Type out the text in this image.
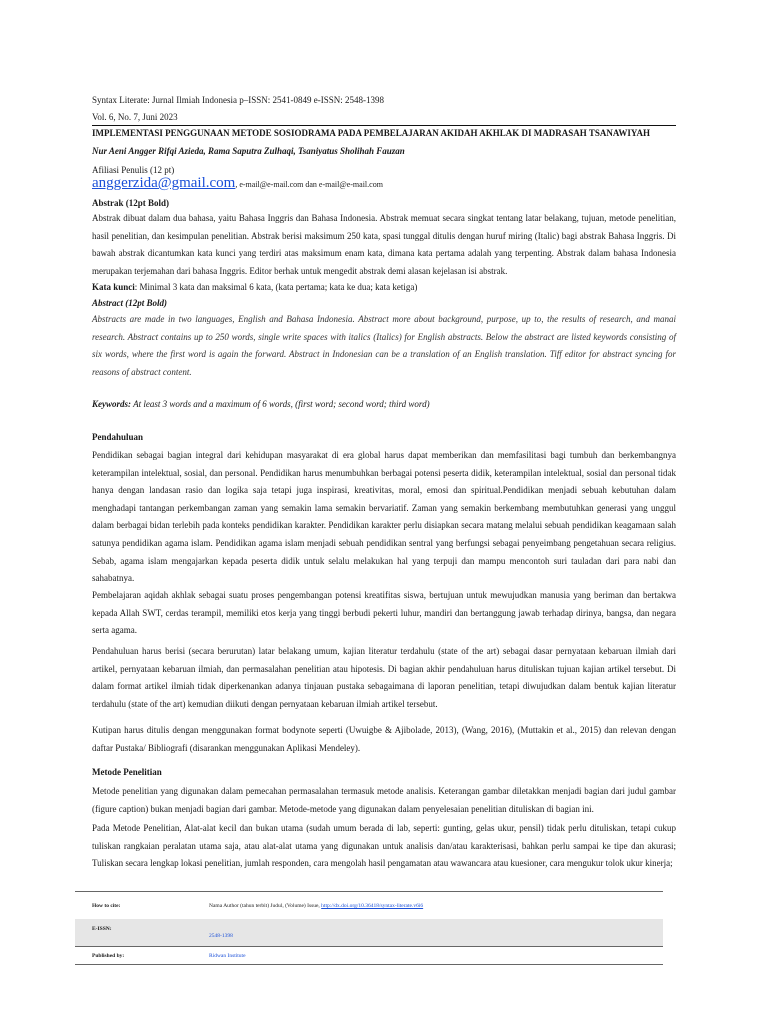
Syntax Literate: Jurnal Ilmiah Indonesia p–ISSN: 2541-0849 e-ISSN: 2548-1398
Vol. 6, No. 7, Juni 2023
IMPLEMENTASI PENGGUNAAN METODE SOSIODRAMA PADA PEMBELAJARAN AKIDAH AKHLAK DI MADRASAH TSANAWIYAH
Nur Aeni Angger Rifqi Azieda, Rama Saputra Zulhaqi, Tsaniyatus Sholihah Fauzan
Afiliasi Penulis (12 pt)
anggerzida@gmail.com, e-mail@e-mail.com dan e-mail@e-mail.com
Abstrak (12pt Bold)

Abstrak dibuat dalam dua bahasa, yaitu Bahasa Inggris dan Bahasa Indonesia. Abstrak memuat secara singkat tentang latar belakang, tujuan, metode penelitian, hasil penelitian, dan kesimpulan penelitian. Abstrak berisi maksimum 250 kata, spasi tunggal ditulis dengan huruf miring (Italic) bagi abstrak Bahasa Inggris. Di bawah abstrak dicantumkan kata kunci yang terdiri atas maksimum enam kata, dimana kata pertama adalah yang terpenting. Abstrak dalam bahasa Indonesia merupakan terjemahan dari bahasa Inggris. Editor berhak untuk mengedit abstrak demi alasan kejelasan isi abstrak.

Kata kunci: Minimal 3 kata dan maksimal 6 kata, (kata pertama; kata ke dua; kata ketiga)
Abstract (12pt Bold)

Abstracts are made in two languages, English and Bahasa Indonesia. Abstract more about background, purpose, up to, the results of research, and manai research. Abstract contains up to 250 words, single write spaces with italics (Italics) for English abstracts. Below the abstract are listed keywords consisting of six words, where the first word is again the forward. Abstract in Indonesian can be a translation of an English translation. Tiff editor for abstract syncing for reasons of abstract content.

Keywords: At least 3 words and a maximum of 6 words, (first word; second word; third word)
Pendahuluan

Pendidikan sebagai bagian integral dari kehidupan masyarakat di era global harus dapat memberikan dan memfasilitasi bagi tumbuh dan berkembangnya keterampilan intelektual, sosial, dan personal. Pendidikan harus menumbuhkan berbagai potensi peserta didik, keterampilan intelektual, sosial dan personal tidak hanya dengan landasan rasio dan logika saja tetapi juga inspirasi, kreativitas, moral, emosi dan spiritual.Pendidikan menjadi sebuah kebutuhan dalam menghadapi tantangan perkembangan zaman yang semakin lama semakin bervariatif. Zaman yang semakin berkembang membutuhkan generasi yang unggul dalam berbagai bidan terlebih pada konteks pendidikan karakter. Pendidikan karakter perlu disiapkan secara matang melalui sebuah pendidikan keagamaan salah satunya pendidikan agama islam. Pendidikan agama islam menjadi sebuah pendidikan sentral yang berfungsi sebagai penyeimbang pengetahuan secara religius. Sebab, agama islam mengajarkan kepada peserta didik untuk selalu melakukan hal yang terpuji dan mampu mencontoh suri tauladan dari para nabi dan sahabatnya.

Pembelajaran aqidah akhlak sebagai suatu proses pengembangan potensi kreatifitas siswa, bertujuan untuk mewujudkan manusia yang beriman dan bertakwa kepada Allah SWT, cerdas terampil, memiliki etos kerja yang tinggi berbudi pekerti luhur, mandiri dan bertanggung jawab terhadap dirinya, bangsa, dan negara serta agama.

Pendahuluan harus berisi (secara berurutan) latar belakang umum, kajian literatur terdahulu (state of the art) sebagai dasar pernyataan kebaruan ilmiah dari artikel, pernyataan kebaruan ilmiah, dan permasalahan penelitian atau hipotesis. Di bagian akhir pendahuluan harus dituliskan tujuan kajian artikel tersebut. Di dalam format artikel ilmiah tidak diperkenankan adanya tinjauan pustaka sebagaimana di laporan penelitian, tetapi diwujudkan dalam bentuk kajian literatur terdahulu (state of the art) kemudian diikuti dengan pernyataan kebaruan ilmiah artikel tersebut.

Kutipan harus ditulis dengan menggunakan format bodynote seperti (Uwuigbe & Ajibolade, 2013), (Wang, 2016), (Muttakin et al., 2015) dan relevan dengan daftar Pustaka/ Bibliografi (disarankan menggunakan Aplikasi Mendeley).

Metode Penelitian

Metode penelitian yang digunakan dalam pemecahan permasalahan termasuk metode analisis. Keterangan gambar diletakkan menjadi bagian dari judul gambar (figure caption) bukan menjadi bagian dari gambar. Metode-metode yang digunakan dalam penyelesaian penelitian dituliskan di bagian ini.

Pada Metode Penelitian, Alat-alat kecil dan bukan utama (sudah umum berada di lab, seperti: gunting, gelas ukur, pensil) tidak perlu dituliskan, tetapi cukup tuliskan rangkaian peralatan utama saja, atau alat-alat utama yang digunakan untuk analisis dan/atau karakterisasi, bahkan perlu sampai ke tipe dan akurasi; Tuliskan secara lengkap lokasi penelitian, jumlah responden, cara mengolah hasil pengamatan atau wawancara atau kuesioner, cara mengukur tolok ukur kinerja;

How to cite:	Nama Author (tahun terbit) Judul, (Volume) Issue, http://dx.doi.org/10.36418/syntax-literate.v6i6
E-ISSN:
2548-1398
Published by:	Ridwan Institute
